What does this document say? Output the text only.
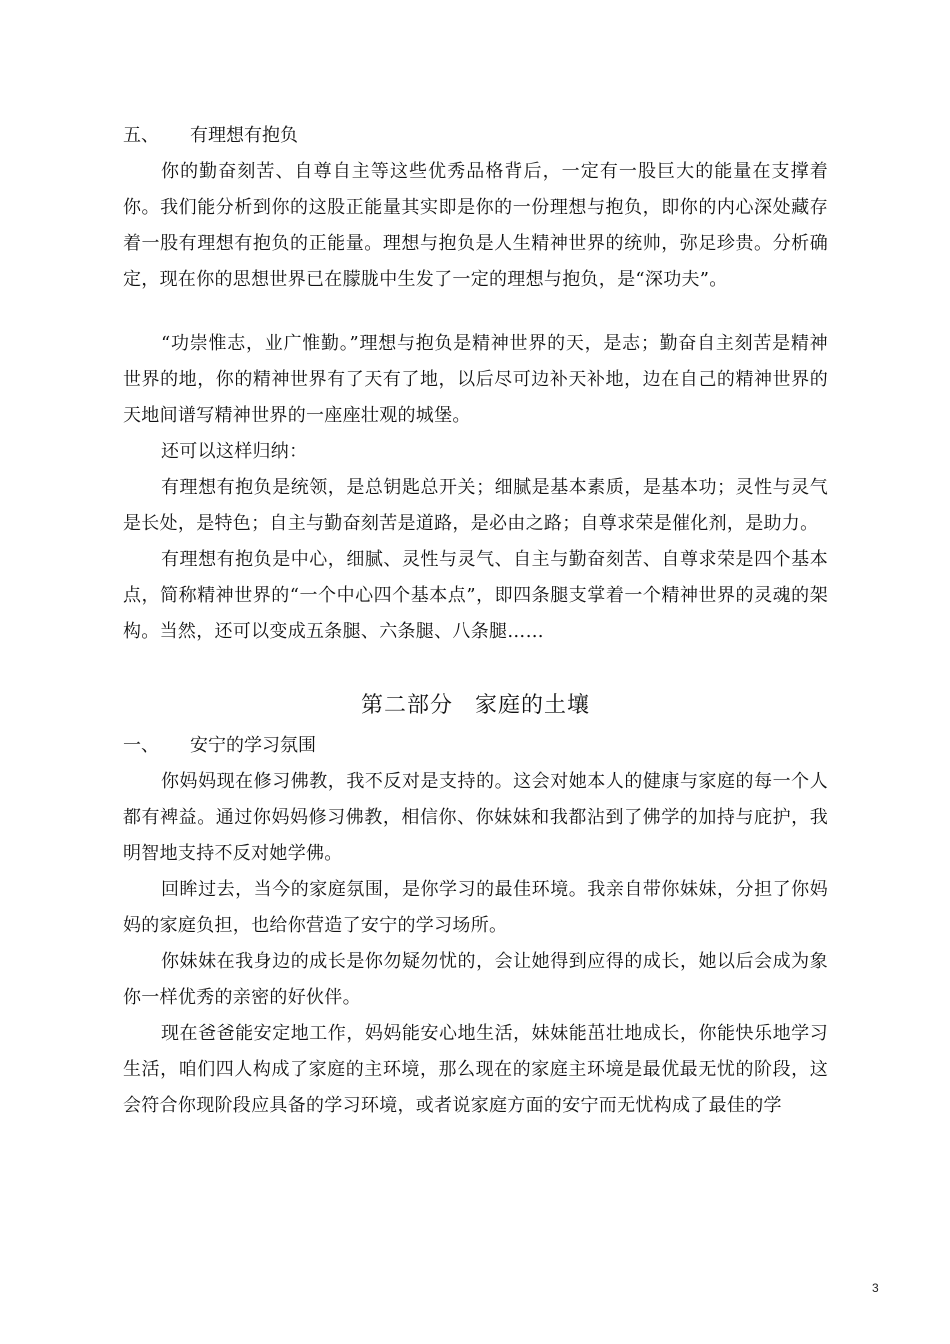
五、	有理想有抱负

你的勤奋刻苦、自尊自主等这些优秀品格背后，一定有一股巨大的能量在支撑着你。我们能分析到你的这股正能量其实即是你的一份理想与抱负，即你的内心深处藏存着一股有理想有抱负的正能量。理想与抱负是人生精神世界的统帅，弥足珍贵。分析确定，现在你的思想世界已在朦胧中生发了一定的理想与抱负，是“深功夫”。

“功崇惟志，业广惟勤。”理想与抱负是精神世界的天，是志；勤奋自主刻苦是精神世界的地，你的精神世界有了天有了地，以后尽可边补天补地，边在自己的精神世界的天地间谱写精神世界的一座座壮观的城堡。

还可以这样归纳：

有理想有抱负是统领，是总钥匙总开关；细腻是基本素质，是基本功；灵性与灵气是长处，是特色；自主与勤奋刻苦是道路，是必由之路；自尊求荣是催化剂，是助力。

有理想有抱负是中心，细腻、灵性与灵气、自主与勤奋刻苦、自尊求荣是四个基本点，简称精神世界的“一个中心四个基本点”，即四条腿支掌着一个精神世界的灵魂的架构。当然，还可以变成五条腿、六条腿、八条腿……

第二部分 家庭的土壤
一、	安宁的学习氛围

你妈妈现在修习佛教，我不反对是支持的。这会对她本人的健康与家庭的每一个人都有裨益。通过你妈妈修习佛教，相信你、你妹妹和我都沾到了佛学的加持与庇护，我明智地支持不反对她学佛。

回眸过去，当今的家庭氛围，是你学习的最佳环境。我亲自带你妹妹，分担了你妈妈的家庭负担，也给你营造了安宁的学习场所。

你妹妹在我身边的成长是你勿疑勿忧的，会让她得到应得的成长，她以后会成为象你一样优秀的亲密的好伙伴。

现在爸爸能安定地工作，妈妈能安心地生活，妹妹能茁壮地成长，你能快乐地学习生活，咱们四人构成了家庭的主环境，那么现在的家庭主环境是最优最无忧的阶段，这会符合你现阶段应具备的学习环境，或者说家庭方面的安宁而无忧构成了最佳的学

3
